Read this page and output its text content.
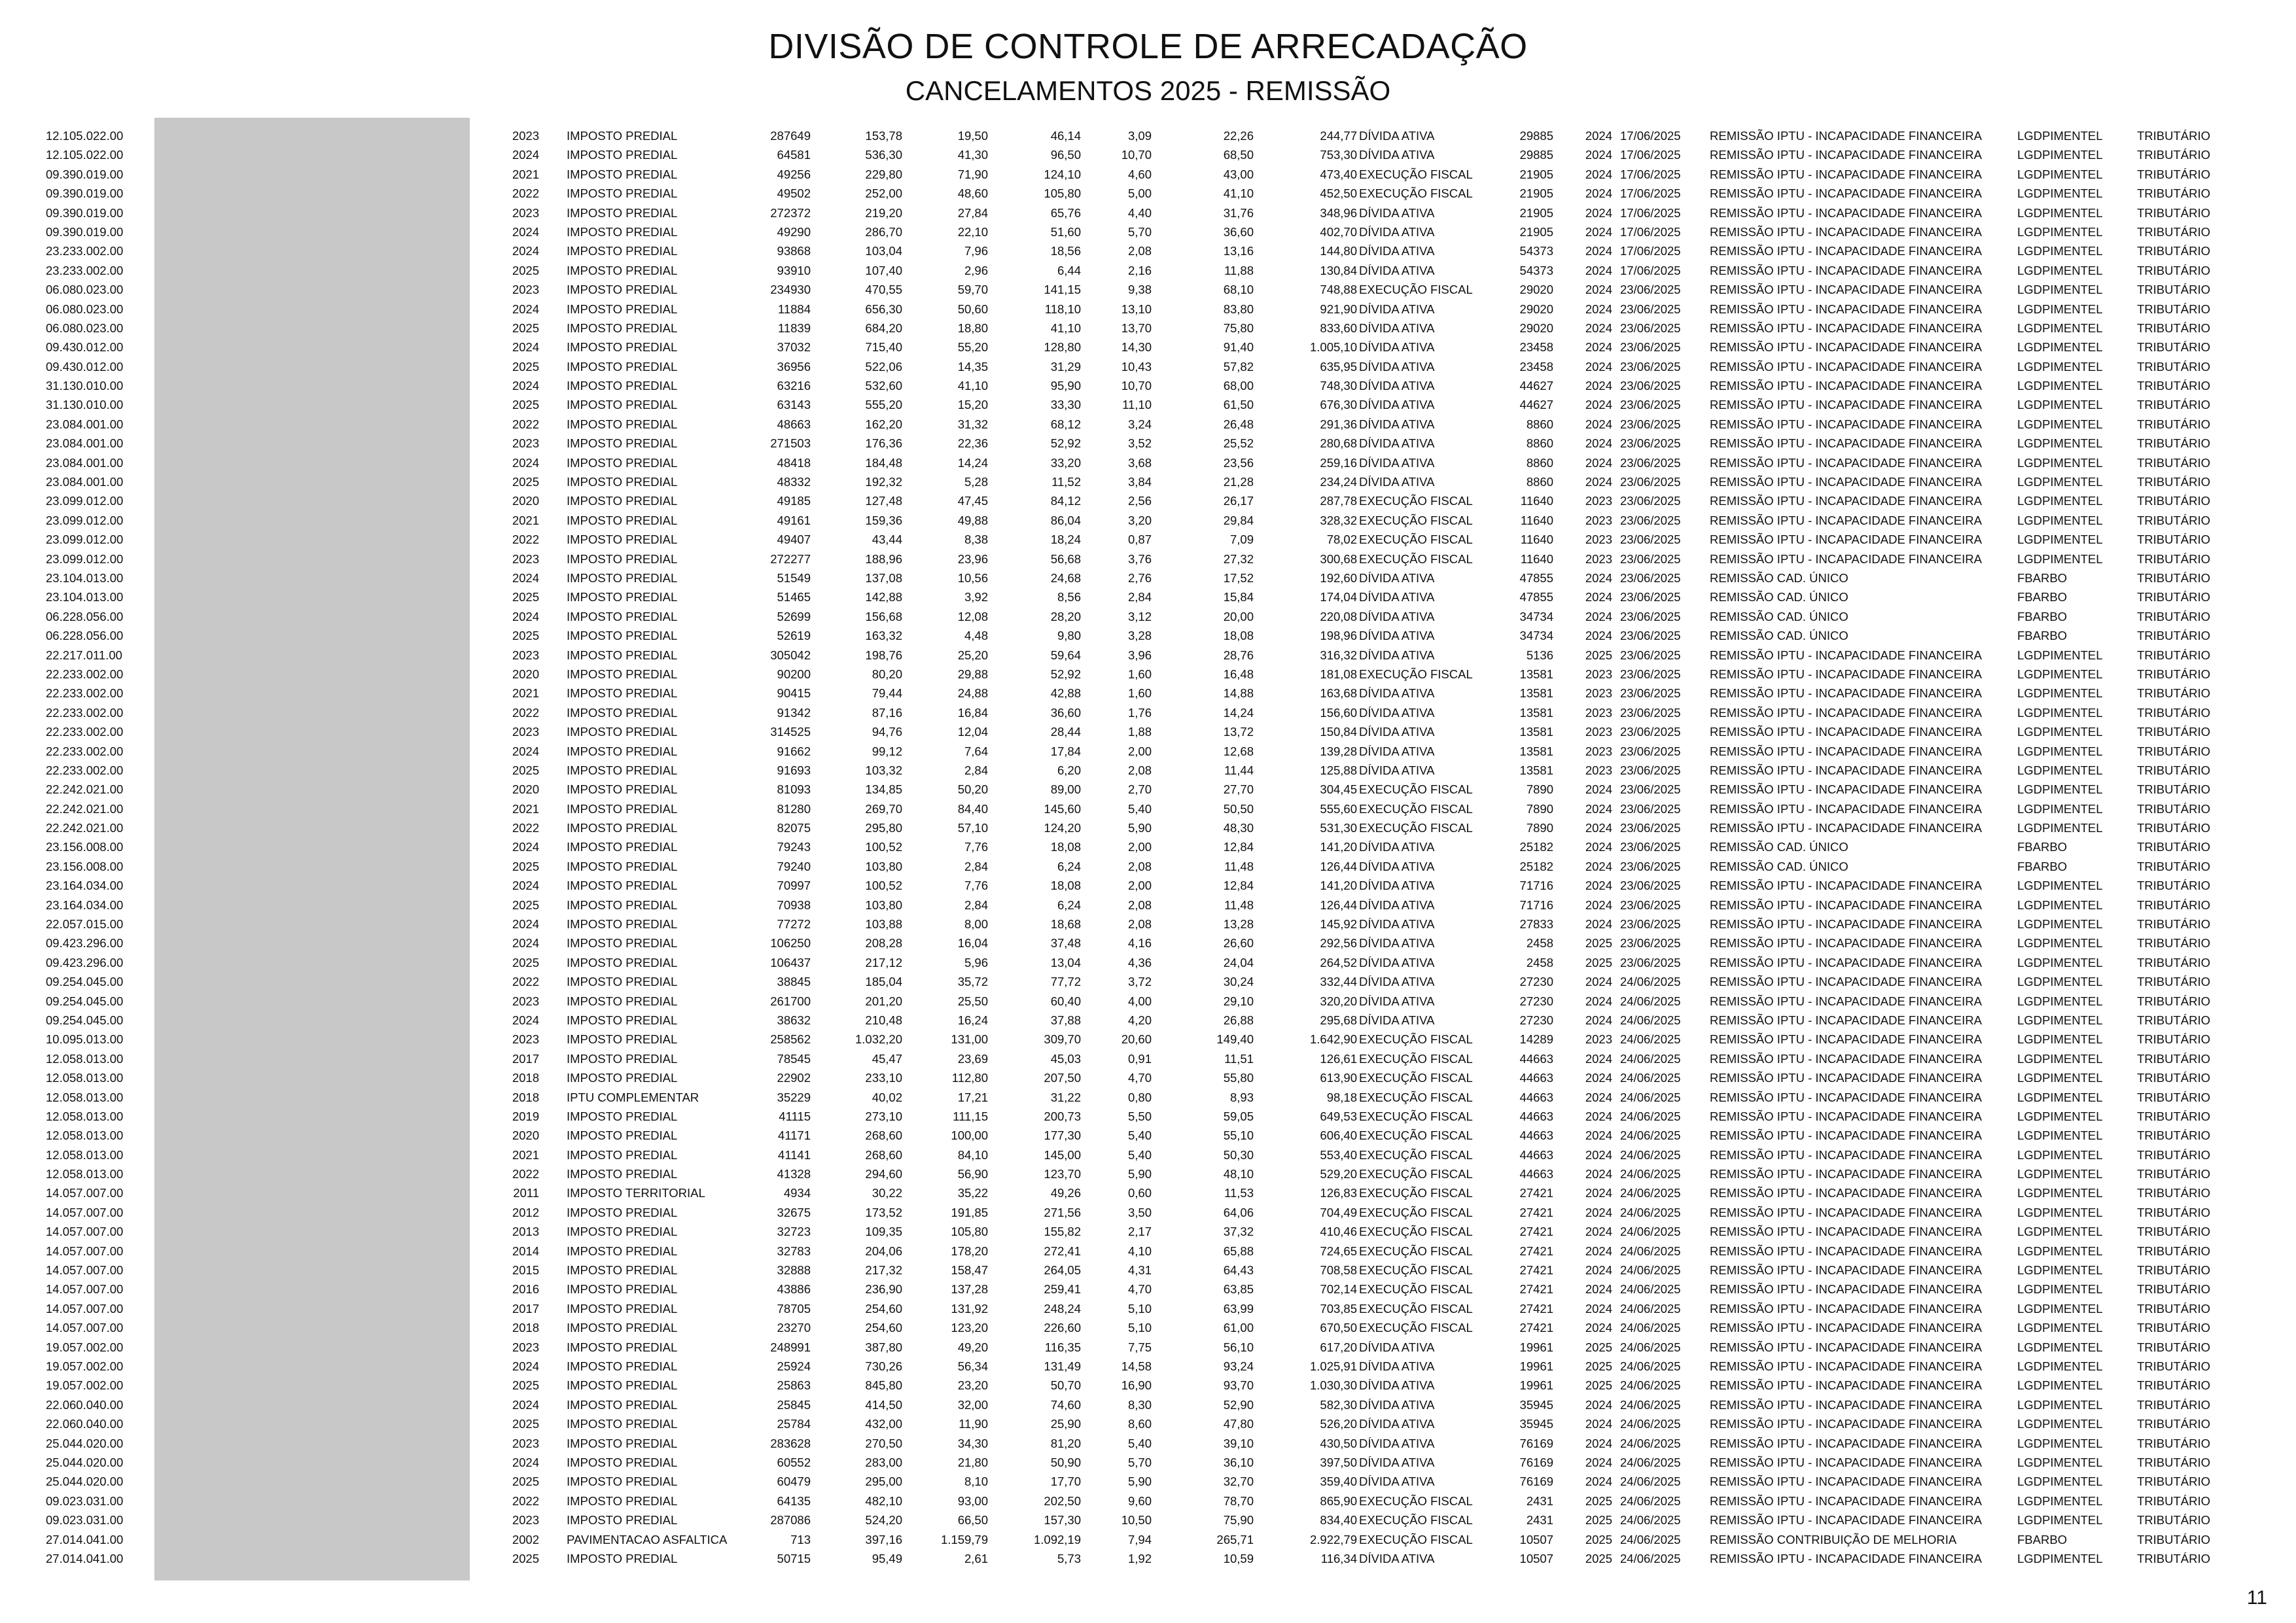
DIVISÃO DE CONTROLE DE ARRECADAÇÃO
CANCELAMENTOS 2025 - REMISSÃO
12.105.022.00	2023 IMPOSTO PREDIAL	287649	153,78	19,50	46,14	3,09	22,26	244,77 DÍVIDA ATIVA	29885	2024 17/06/2025 REMISSÃO IPTU - INCAPACIDADE FINANCEIRA	LGDPIMENTEL	TRIBUTÁRIO
12.105.022.00	2024 IMPOSTO PREDIAL	64581	536,30	41,30	96,50	10,70	68,50	753,30 DÍVIDA ATIVA	29885	2024 17/06/2025 REMISSÃO IPTU - INCAPACIDADE FINANCEIRA	LGDPIMENTEL	TRIBUTÁRIO
09.390.019.00	2021 IMPOSTO PREDIAL	49256	229,80	71,90	124,10	4,60	43,00	473,40 EXECUÇÃO FISCAL	21905	2024 17/06/2025 REMISSÃO IPTU - INCAPACIDADE FINANCEIRA	LGDPIMENTEL	TRIBUTÁRIO
09.390.019.00	2022 IMPOSTO PREDIAL	49502	252,00	48,60	105,80	5,00	41,10	452,50 EXECUÇÃO FISCAL	21905	2024 17/06/2025 REMISSÃO IPTU - INCAPACIDADE FINANCEIRA	LGDPIMENTEL	TRIBUTÁRIO
09.390.019.00	2023 IMPOSTO PREDIAL	272372	219,20	27,84	65,76	4,40	31,76	348,96 DÍVIDA ATIVA	21905	2024 17/06/2025 REMISSÃO IPTU - INCAPACIDADE FINANCEIRA	LGDPIMENTEL	TRIBUTÁRIO
09.390.019.00	2024 IMPOSTO PREDIAL	49290	286,70	22,10	51,60	5,70	36,60	402,70 DÍVIDA ATIVA	21905	2024 17/06/2025 REMISSÃO IPTU - INCAPACIDADE FINANCEIRA	LGDPIMENTEL	TRIBUTÁRIO
23.233.002.00	2024 IMPOSTO PREDIAL	93868	103,04	7,96	18,56	2,08	13,16	144,80 DÍVIDA ATIVA	54373	2024 17/06/2025 REMISSÃO IPTU - INCAPACIDADE FINANCEIRA	LGDPIMENTEL	TRIBUTÁRIO
23.233.002.00	2025 IMPOSTO PREDIAL	93910	107,40	2,96	6,44	2,16	11,88	130,84 DÍVIDA ATIVA	54373	2024 17/06/2025 REMISSÃO IPTU - INCAPACIDADE FINANCEIRA	LGDPIMENTEL	TRIBUTÁRIO
06.080.023.00	2023 IMPOSTO PREDIAL	234930	470,55	59,70	141,15	9,38	68,10	748,88 EXECUÇÃO FISCAL	29020	2024 23/06/2025 REMISSÃO IPTU - INCAPACIDADE FINANCEIRA	LGDPIMENTEL	TRIBUTÁRIO
06.080.023.00	2024 IMPOSTO PREDIAL	11884	656,30	50,60	118,10	13,10	83,80	921,90 DÍVIDA ATIVA	29020	2024 23/06/2025 REMISSÃO IPTU - INCAPACIDADE FINANCEIRA	LGDPIMENTEL	TRIBUTÁRIO
06.080.023.00	2025 IMPOSTO PREDIAL	11839	684,20	18,80	41,10	13,70	75,80	833,60 DÍVIDA ATIVA	29020	2024 23/06/2025 REMISSÃO IPTU - INCAPACIDADE FINANCEIRA	LGDPIMENTEL	TRIBUTÁRIO
09.430.012.00	2024 IMPOSTO PREDIAL	37032	715,40	55,20	128,80	14,30	91,40	1.005,10 DÍVIDA ATIVA	23458	2024 23/06/2025 REMISSÃO IPTU - INCAPACIDADE FINANCEIRA	LGDPIMENTEL	TRIBUTÁRIO
09.430.012.00	2025 IMPOSTO PREDIAL	36956	522,06	14,35	31,29	10,43	57,82	635,95 DÍVIDA ATIVA	23458	2024 23/06/2025 REMISSÃO IPTU - INCAPACIDADE FINANCEIRA	LGDPIMENTEL	TRIBUTÁRIO
31.130.010.00	2024 IMPOSTO PREDIAL	63216	532,60	41,10	95,90	10,70	68,00	748,30 DÍVIDA ATIVA	44627	2024 23/06/2025 REMISSÃO IPTU - INCAPACIDADE FINANCEIRA	LGDPIMENTEL	TRIBUTÁRIO
31.130.010.00	2025 IMPOSTO PREDIAL	63143	555,20	15,20	33,30	11,10	61,50	676,30 DÍVIDA ATIVA	44627	2024 23/06/2025 REMISSÃO IPTU - INCAPACIDADE FINANCEIRA	LGDPIMENTEL	TRIBUTÁRIO
23.084.001.00	2022 IMPOSTO PREDIAL	48663	162,20	31,32	68,12	3,24	26,48	291,36 DÍVIDA ATIVA	8860	2024 23/06/2025 REMISSÃO IPTU - INCAPACIDADE FINANCEIRA	LGDPIMENTEL	TRIBUTÁRIO
23.084.001.00	2023 IMPOSTO PREDIAL	271503	176,36	22,36	52,92	3,52	25,52	280,68 DÍVIDA ATIVA	8860	2024 23/06/2025 REMISSÃO IPTU - INCAPACIDADE FINANCEIRA	LGDPIMENTEL	TRIBUTÁRIO
23.084.001.00	2024 IMPOSTO PREDIAL	48418	184,48	14,24	33,20	3,68	23,56	259,16 DÍVIDA ATIVA	8860	2024 23/06/2025 REMISSÃO IPTU - INCAPACIDADE FINANCEIRA	LGDPIMENTEL	TRIBUTÁRIO
23.084.001.00	2025 IMPOSTO PREDIAL	48332	192,32	5,28	11,52	3,84	21,28	234,24 DÍVIDA ATIVA	8860	2024 23/06/2025 REMISSÃO IPTU - INCAPACIDADE FINANCEIRA	LGDPIMENTEL	TRIBUTÁRIO
23.099.012.00	2020 IMPOSTO PREDIAL	49185	127,48	47,45	84,12	2,56	26,17	287,78 EXECUÇÃO FISCAL	11640	2023 23/06/2025 REMISSÃO IPTU - INCAPACIDADE FINANCEIRA	LGDPIMENTEL	TRIBUTÁRIO
23.099.012.00	2021 IMPOSTO PREDIAL	49161	159,36	49,88	86,04	3,20	29,84	328,32 EXECUÇÃO FISCAL	11640	2023 23/06/2025 REMISSÃO IPTU - INCAPACIDADE FINANCEIRA	LGDPIMENTEL	TRIBUTÁRIO
23.099.012.00	2022 IMPOSTO PREDIAL	49407	43,44	8,38	18,24	0,87	7,09	78,02 EXECUÇÃO FISCAL	11640	2023 23/06/2025 REMISSÃO IPTU - INCAPACIDADE FINANCEIRA	LGDPIMENTEL	TRIBUTÁRIO
23.099.012.00	2023 IMPOSTO PREDIAL	272277	188,96	23,96	56,68	3,76	27,32	300,68 EXECUÇÃO FISCAL	11640	2023 23/06/2025 REMISSÃO IPTU - INCAPACIDADE FINANCEIRA	LGDPIMENTEL	TRIBUTÁRIO
23.104.013.00	2024 IMPOSTO PREDIAL	51549	137,08	10,56	24,68	2,76	17,52	192,60 DÍVIDA ATIVA	47855	2024 23/06/2025 REMISSÃO CAD. ÚNICO	FBARBO	TRIBUTÁRIO
23.104.013.00	2025 IMPOSTO PREDIAL	51465	142,88	3,92	8,56	2,84	15,84	174,04 DÍVIDA ATIVA	47855	2024 23/06/2025 REMISSÃO CAD. ÚNICO	FBARBO	TRIBUTÁRIO
06.228.056.00	2024 IMPOSTO PREDIAL	52699	156,68	12,08	28,20	3,12	20,00	220,08 DÍVIDA ATIVA	34734	2024 23/06/2025 REMISSÃO CAD. ÚNICO	FBARBO	TRIBUTÁRIO
06.228.056.00	2025 IMPOSTO PREDIAL	52619	163,32	4,48	9,80	3,28	18,08	198,96 DÍVIDA ATIVA	34734	2024 23/06/2025 REMISSÃO CAD. ÚNICO	FBARBO	TRIBUTÁRIO
22.217.011.00	2023 IMPOSTO PREDIAL	305042	198,76	25,20	59,64	3,96	28,76	316,32 DÍVIDA ATIVA	5136	2025 23/06/2025 REMISSÃO IPTU - INCAPACIDADE FINANCEIRA	LGDPIMENTEL	TRIBUTÁRIO
22.233.002.00	2020 IMPOSTO PREDIAL	90200	80,20	29,88	52,92	1,60	16,48	181,08 EXECUÇÃO FISCAL	13581	2023 23/06/2025 REMISSÃO IPTU - INCAPACIDADE FINANCEIRA	LGDPIMENTEL	TRIBUTÁRIO
22.233.002.00	2021 IMPOSTO PREDIAL	90415	79,44	24,88	42,88	1,60	14,88	163,68 DÍVIDA ATIVA	13581	2023 23/06/2025 REMISSÃO IPTU - INCAPACIDADE FINANCEIRA	LGDPIMENTEL	TRIBUTÁRIO
22.233.002.00	2022 IMPOSTO PREDIAL	91342	87,16	16,84	36,60	1,76	14,24	156,60 DÍVIDA ATIVA	13581	2023 23/06/2025 REMISSÃO IPTU - INCAPACIDADE FINANCEIRA	LGDPIMENTEL	TRIBUTÁRIO
22.233.002.00	2023 IMPOSTO PREDIAL	314525	94,76	12,04	28,44	1,88	13,72	150,84 DÍVIDA ATIVA	13581	2023 23/06/2025 REMISSÃO IPTU - INCAPACIDADE FINANCEIRA	LGDPIMENTEL	TRIBUTÁRIO
22.233.002.00	2024 IMPOSTO PREDIAL	91662	99,12	7,64	17,84	2,00	12,68	139,28 DÍVIDA ATIVA	13581	2023 23/06/2025 REMISSÃO IPTU - INCAPACIDADE FINANCEIRA	LGDPIMENTEL	TRIBUTÁRIO
22.233.002.00	2025 IMPOSTO PREDIAL	91693	103,32	2,84	6,20	2,08	11,44	125,88 DÍVIDA ATIVA	13581	2023 23/06/2025 REMISSÃO IPTU - INCAPACIDADE FINANCEIRA	LGDPIMENTEL	TRIBUTÁRIO
22.242.021.00	2020 IMPOSTO PREDIAL	81093	134,85	50,20	89,00	2,70	27,70	304,45 EXECUÇÃO FISCAL	7890	2024 23/06/2025 REMISSÃO IPTU - INCAPACIDADE FINANCEIRA	LGDPIMENTEL	TRIBUTÁRIO
22.242.021.00	2021 IMPOSTO PREDIAL	81280	269,70	84,40	145,60	5,40	50,50	555,60 EXECUÇÃO FISCAL	7890	2024 23/06/2025 REMISSÃO IPTU - INCAPACIDADE FINANCEIRA	LGDPIMENTEL	TRIBUTÁRIO
22.242.021.00	2022 IMPOSTO PREDIAL	82075	295,80	57,10	124,20	5,90	48,30	531,30 EXECUÇÃO FISCAL	7890	2024 23/06/2025 REMISSÃO IPTU - INCAPACIDADE FINANCEIRA	LGDPIMENTEL	TRIBUTÁRIO
23.156.008.00	2024 IMPOSTO PREDIAL	79243	100,52	7,76	18,08	2,00	12,84	141,20 DÍVIDA ATIVA	25182	2024 23/06/2025 REMISSÃO CAD. ÚNICO	FBARBO	TRIBUTÁRIO
23.156.008.00	2025 IMPOSTO PREDIAL	79240	103,80	2,84	6,24	2,08	11,48	126,44 DÍVIDA ATIVA	25182	2024 23/06/2025 REMISSÃO CAD. ÚNICO	FBARBO	TRIBUTÁRIO
23.164.034.00	2024 IMPOSTO PREDIAL	70997	100,52	7,76	18,08	2,00	12,84	141,20 DÍVIDA ATIVA	71716	2024 23/06/2025 REMISSÃO IPTU - INCAPACIDADE FINANCEIRA	LGDPIMENTEL	TRIBUTÁRIO
23.164.034.00	2025 IMPOSTO PREDIAL	70938	103,80	2,84	6,24	2,08	11,48	126,44 DÍVIDA ATIVA	71716	2024 23/06/2025 REMISSÃO IPTU - INCAPACIDADE FINANCEIRA	LGDPIMENTEL	TRIBUTÁRIO
22.057.015.00	2024 IMPOSTO PREDIAL	77272	103,88	8,00	18,68	2,08	13,28	145,92 DÍVIDA ATIVA	27833	2024 23/06/2025 REMISSÃO IPTU - INCAPACIDADE FINANCEIRA	LGDPIMENTEL	TRIBUTÁRIO
09.423.296.00	2024 IMPOSTO PREDIAL	106250	208,28	16,04	37,48	4,16	26,60	292,56 DÍVIDA ATIVA	2458	2025 23/06/2025 REMISSÃO IPTU - INCAPACIDADE FINANCEIRA	LGDPIMENTEL	TRIBUTÁRIO
09.423.296.00	2025 IMPOSTO PREDIAL	106437	217,12	5,96	13,04	4,36	24,04	264,52 DÍVIDA ATIVA	2458	2025 23/06/2025 REMISSÃO IPTU - INCAPACIDADE FINANCEIRA	LGDPIMENTEL	TRIBUTÁRIO
09.254.045.00	2022 IMPOSTO PREDIAL	38845	185,04	35,72	77,72	3,72	30,24	332,44 DÍVIDA ATIVA	27230	2024 24/06/2025 REMISSÃO IPTU - INCAPACIDADE FINANCEIRA	LGDPIMENTEL	TRIBUTÁRIO
09.254.045.00	2023 IMPOSTO PREDIAL	261700	201,20	25,50	60,40	4,00	29,10	320,20 DÍVIDA ATIVA	27230	2024 24/06/2025 REMISSÃO IPTU - INCAPACIDADE FINANCEIRA	LGDPIMENTEL	TRIBUTÁRIO
09.254.045.00	2024 IMPOSTO PREDIAL	38632	210,48	16,24	37,88	4,20	26,88	295,68 DÍVIDA ATIVA	27230	2024 24/06/2025 REMISSÃO IPTU - INCAPACIDADE FINANCEIRA	LGDPIMENTEL	TRIBUTÁRIO
10.095.013.00	2023 IMPOSTO PREDIAL	258562	1.032,20	131,00	309,70	20,60	149,40	1.642,90 EXECUÇÃO FISCAL	14289	2023 24/06/2025 REMISSÃO IPTU - INCAPACIDADE FINANCEIRA	LGDPIMENTEL	TRIBUTÁRIO
12.058.013.00	2017 IMPOSTO PREDIAL	78545	45,47	23,69	45,03	0,91	11,51	126,61 EXECUÇÃO FISCAL	44663	2024 24/06/2025 REMISSÃO IPTU - INCAPACIDADE FINANCEIRA	LGDPIMENTEL	TRIBUTÁRIO
12.058.013.00	2018 IMPOSTO PREDIAL	22902	233,10	112,80	207,50	4,70	55,80	613,90 EXECUÇÃO FISCAL	44663	2024 24/06/2025 REMISSÃO IPTU - INCAPACIDADE FINANCEIRA	LGDPIMENTEL	TRIBUTÁRIO
12.058.013.00	2018 IPTU COMPLEMENTAR	35229	40,02	17,21	31,22	0,80	8,93	98,18 EXECUÇÃO FISCAL	44663	2024 24/06/2025 REMISSÃO IPTU - INCAPACIDADE FINANCEIRA	LGDPIMENTEL	TRIBUTÁRIO
12.058.013.00	2019 IMPOSTO PREDIAL	41115	273,10	111,15	200,73	5,50	59,05	649,53 EXECUÇÃO FISCAL	44663	2024 24/06/2025 REMISSÃO IPTU - INCAPACIDADE FINANCEIRA	LGDPIMENTEL	TRIBUTÁRIO
12.058.013.00	2020 IMPOSTO PREDIAL	41171	268,60	100,00	177,30	5,40	55,10	606,40 EXECUÇÃO FISCAL	44663	2024 24/06/2025 REMISSÃO IPTU - INCAPACIDADE FINANCEIRA	LGDPIMENTEL	TRIBUTÁRIO
12.058.013.00	2021 IMPOSTO PREDIAL	41141	268,60	84,10	145,00	5,40	50,30	553,40 EXECUÇÃO FISCAL	44663	2024 24/06/2025 REMISSÃO IPTU - INCAPACIDADE FINANCEIRA	LGDPIMENTEL	TRIBUTÁRIO
12.058.013.00	2022 IMPOSTO PREDIAL	41328	294,60	56,90	123,70	5,90	48,10	529,20 EXECUÇÃO FISCAL	44663	2024 24/06/2025 REMISSÃO IPTU - INCAPACIDADE FINANCEIRA	LGDPIMENTEL	TRIBUTÁRIO
14.057.007.00	2011 IMPOSTO TERRITORIAL	4934	30,22	35,22	49,26	0,60	11,53	126,83 EXECUÇÃO FISCAL	27421	2024 24/06/2025 REMISSÃO IPTU - INCAPACIDADE FINANCEIRA	LGDPIMENTEL	TRIBUTÁRIO
14.057.007.00	2012 IMPOSTO PREDIAL	32675	173,52	191,85	271,56	3,50	64,06	704,49 EXECUÇÃO FISCAL	27421	2024 24/06/2025 REMISSÃO IPTU - INCAPACIDADE FINANCEIRA	LGDPIMENTEL	TRIBUTÁRIO
14.057.007.00	2013 IMPOSTO PREDIAL	32723	109,35	105,80	155,82	2,17	37,32	410,46 EXECUÇÃO FISCAL	27421	2024 24/06/2025 REMISSÃO IPTU - INCAPACIDADE FINANCEIRA	LGDPIMENTEL	TRIBUTÁRIO
14.057.007.00	2014 IMPOSTO PREDIAL	32783	204,06	178,20	272,41	4,10	65,88	724,65 EXECUÇÃO FISCAL	27421	2024 24/06/2025 REMISSÃO IPTU - INCAPACIDADE FINANCEIRA	LGDPIMENTEL	TRIBUTÁRIO
14.057.007.00	2015 IMPOSTO PREDIAL	32888	217,32	158,47	264,05	4,31	64,43	708,58 EXECUÇÃO FISCAL	27421	2024 24/06/2025 REMISSÃO IPTU - INCAPACIDADE FINANCEIRA	LGDPIMENTEL	TRIBUTÁRIO
14.057.007.00	2016 IMPOSTO PREDIAL	43886	236,90	137,28	259,41	4,70	63,85	702,14 EXECUÇÃO FISCAL	27421	2024 24/06/2025 REMISSÃO IPTU - INCAPACIDADE FINANCEIRA	LGDPIMENTEL	TRIBUTÁRIO
14.057.007.00	2017 IMPOSTO PREDIAL	78705	254,60	131,92	248,24	5,10	63,99	703,85 EXECUÇÃO FISCAL	27421	2024 24/06/2025 REMISSÃO IPTU - INCAPACIDADE FINANCEIRA	LGDPIMENTEL	TRIBUTÁRIO
14.057.007.00	2018 IMPOSTO PREDIAL	23270	254,60	123,20	226,60	5,10	61,00	670,50 EXECUÇÃO FISCAL	27421	2024 24/06/2025 REMISSÃO IPTU - INCAPACIDADE FINANCEIRA	LGDPIMENTEL	TRIBUTÁRIO
19.057.002.00	2023 IMPOSTO PREDIAL	248991	387,80	49,20	116,35	7,75	56,10	617,20 DÍVIDA ATIVA	19961	2025 24/06/2025 REMISSÃO IPTU - INCAPACIDADE FINANCEIRA	LGDPIMENTEL	TRIBUTÁRIO
19.057.002.00	2024 IMPOSTO PREDIAL	25924	730,26	56,34	131,49	14,58	93,24	1.025,91 DÍVIDA ATIVA	19961	2025 24/06/2025 REMISSÃO IPTU - INCAPACIDADE FINANCEIRA	LGDPIMENTEL	TRIBUTÁRIO
19.057.002.00	2025 IMPOSTO PREDIAL	25863	845,80	23,20	50,70	16,90	93,70	1.030,30 DÍVIDA ATIVA	19961	2025 24/06/2025 REMISSÃO IPTU - INCAPACIDADE FINANCEIRA	LGDPIMENTEL	TRIBUTÁRIO
22.060.040.00	2024 IMPOSTO PREDIAL	25845	414,50	32,00	74,60	8,30	52,90	582,30 DÍVIDA ATIVA	35945	2024 24/06/2025 REMISSÃO IPTU - INCAPACIDADE FINANCEIRA	LGDPIMENTEL	TRIBUTÁRIO
22.060.040.00	2025 IMPOSTO PREDIAL	25784	432,00	11,90	25,90	8,60	47,80	526,20 DÍVIDA ATIVA	35945	2024 24/06/2025 REMISSÃO IPTU - INCAPACIDADE FINANCEIRA	LGDPIMENTEL	TRIBUTÁRIO
25.044.020.00	2023 IMPOSTO PREDIAL	283628	270,50	34,30	81,20	5,40	39,10	430,50 DÍVIDA ATIVA	76169	2024 24/06/2025 REMISSÃO IPTU - INCAPACIDADE FINANCEIRA	LGDPIMENTEL	TRIBUTÁRIO
25.044.020.00	2024 IMPOSTO PREDIAL	60552	283,00	21,80	50,90	5,70	36,10	397,50 DÍVIDA ATIVA	76169	2024 24/06/2025 REMISSÃO IPTU - INCAPACIDADE FINANCEIRA	LGDPIMENTEL	TRIBUTÁRIO
25.044.020.00	2025 IMPOSTO PREDIAL	60479	295,00	8,10	17,70	5,90	32,70	359,40 DÍVIDA ATIVA	76169	2024 24/06/2025 REMISSÃO IPTU - INCAPACIDADE FINANCEIRA	LGDPIMENTEL	TRIBUTÁRIO
09.023.031.00	2022 IMPOSTO PREDIAL	64135	482,10	93,00	202,50	9,60	78,70	865,90 EXECUÇÃO FISCAL	2431	2025 24/06/2025 REMISSÃO IPTU - INCAPACIDADE FINANCEIRA	LGDPIMENTEL	TRIBUTÁRIO
09.023.031.00	2023 IMPOSTO PREDIAL	287086	524,20	66,50	157,30	10,50	75,90	834,40 EXECUÇÃO FISCAL	2431	2025 24/06/2025 REMISSÃO IPTU - INCAPACIDADE FINANCEIRA	LGDPIMENTEL	TRIBUTÁRIO
27.014.041.00	2002 PAVIMENTACAO ASFALTICA	713	397,16	1.159,79	1.092,19	7,94	265,71	2.922,79 EXECUÇÃO FISCAL	10507	2025 24/06/2025 REMISSÃO CONTRIBUIÇÃO DE MELHORIA	FBARBO	TRIBUTÁRIO
27.014.041.00	2025 IMPOSTO PREDIAL	50715	95,49	2,61	5,73	1,92	10,59	116,34 DÍVIDA ATIVA	10507	2025 24/06/2025 REMISSÃO IPTU - INCAPACIDADE FINANCEIRA	LGDPIMENTEL	TRIBUTÁRIO
11
